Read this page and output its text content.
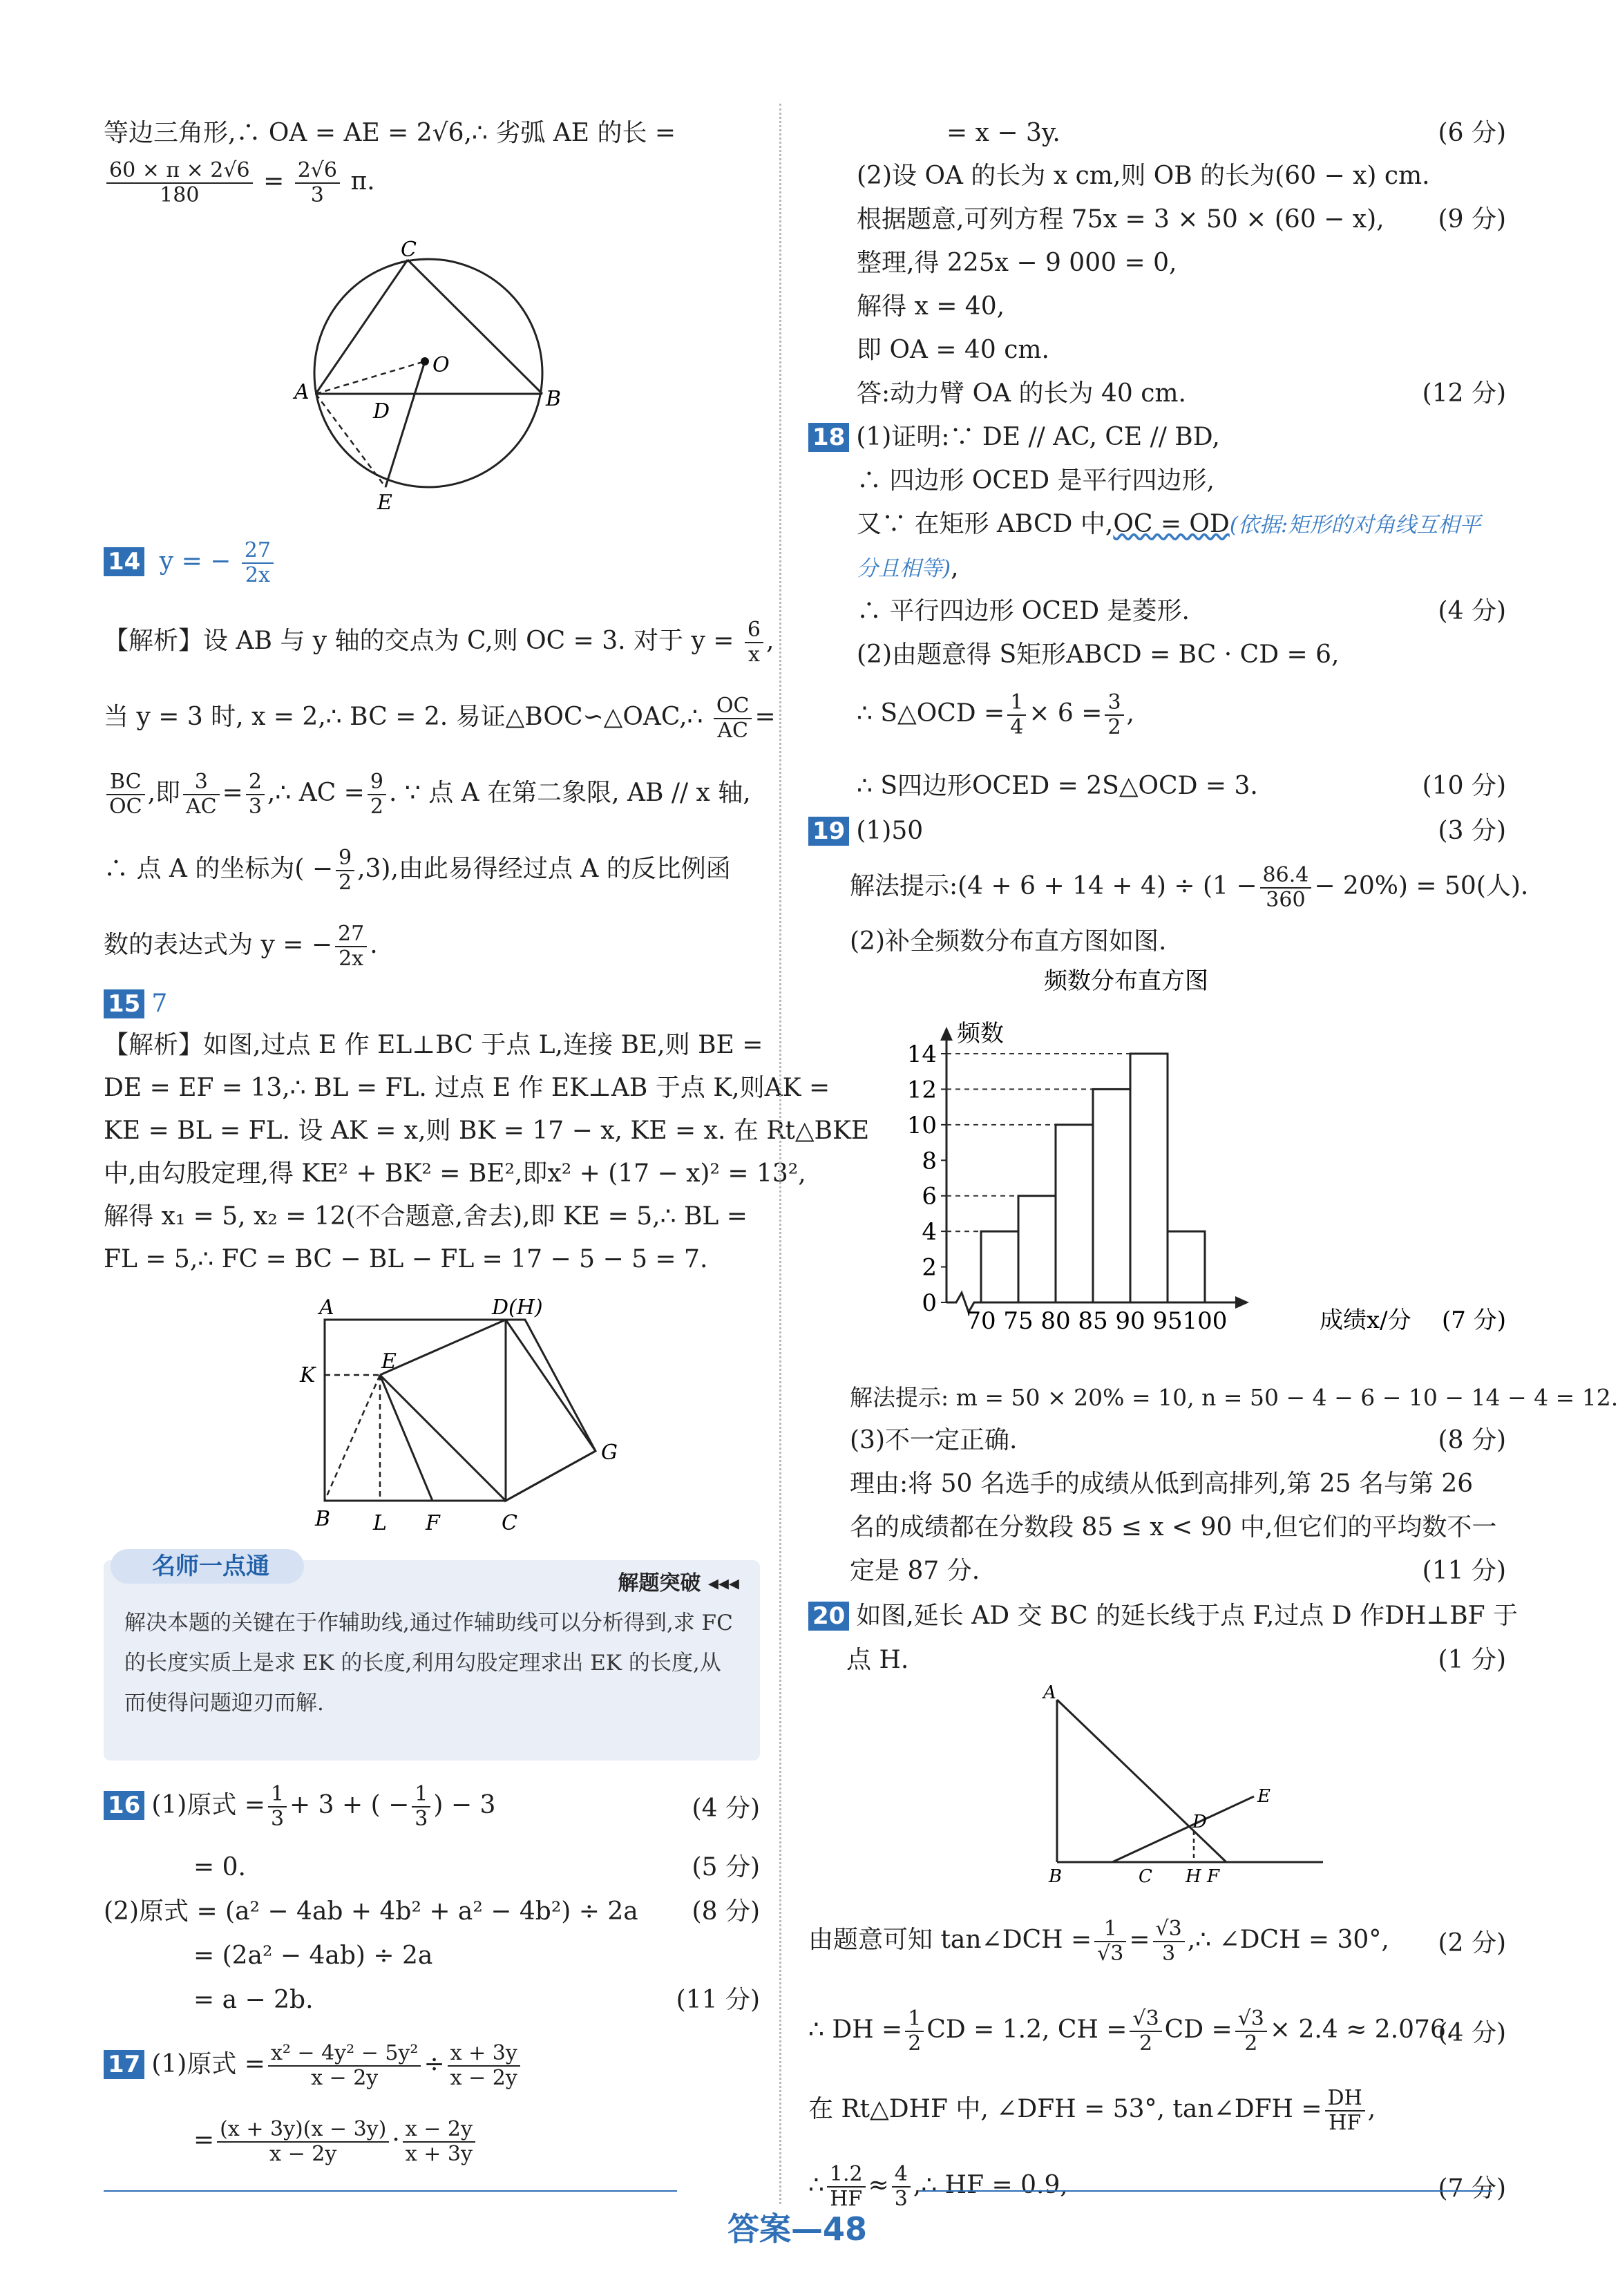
等边三角形,∴ OA = AE = 2√6,∴ 劣弧 AE 的长 =
$\frac{60 \times \pi \times 2√6}{180} = \frac{2√6}{3} \pi$.
C
A	B
O
D
E
14 y = − $\frac{27}{2x}$
【解析】设 AB 与 y 轴的交点为 C,则 OC = 3. 对于 $y = \frac{6}{x}$ ,
当 y = 3 时, x = 2,∴ BC = 2. 易证△BOC∽△OAC,∴ $\frac{OC}{AC}$ =
$\frac{BC}{OC}$ ,即 $\frac{3}{AC} = \frac{2}{3}$ ,∴ AC = $\frac{9}{2}$ . ∵ 点 A 在第二象限, AB // x 轴,
∴ 点 A 的坐标为( − $\frac{9}{2} ,3$),由此易得经过点 A 的反比例函
数的表达式为 y = − $\frac{27}{2x}$ .
15 7
【解析】如图,过点 E 作 EL⊥BC 于点 L,连接 BE,则 BE =
DE = EF = 13,∴ BL = FL. 过点 E 作 EK⊥AB 于点 K,则AK =
KE = BL = FL. 设 AK = x,则 BK = 17 − x, KE = x. 在 Rt△BKE
中,由勾股定理,得 KE² + BK² = BE²,即x² + (17 − x)² = 13²,
解得 x₁ = 5, x₂ = 12(不合题意,舍去),即 KE = 5,∴ BL =
FL = 5,∴ FC = BC − BL − FL = 17 − 5 − 5 = 7.
A	D(H)
K
E
G
B L F	C
名师一点通
解题突破 ◂◂◂
解决本题的关键在于作辅助线,通过作辅助线可以分析得到,求 FC 的长度实质上是求 EK 的长度,利用勾股定理求出 EK 的长度,从而使得问题迎刃而解.
16 (1)原式 = $\frac{1}{3} + 3$ + ( − $\frac{1}{3}$ ) − 3	(4 分)
= 0.	(5 分)
(2)原式 = (a² − 4ab + 4b² + a² − 4b²) ÷ 2a (8 分)
= (2a² − 4ab) ÷ 2a
= a − 2b.	(11 分)
17 (1)原式 = $\frac{\text{x² − 4y² − 5y²}}{x - 2y} \div \frac{x + 3y}{x - 2y}$
= $\frac{(x + 3y)(x - 3y)}{x - 2y} \cdot \frac{x - 2y}{x + 3y}$
= x − 3y.	(6 分)
(2)设 OA 的长为 x cm,则 OB 的长为(60 − x) cm.
根据题意,可列方程 75x = 3 × 50 × (60 − x), (9 分)
整理,得 225x − 9 000 = 0,
解得 x = 40,
即 OA = 40 cm.
答:动力臂 OA 的长为 40 cm.	(12 分)
18 (1)证明:∵ DE // AC, CE // BD,
∴ 四边形 OCED 是平行四边形,
又∵ 在矩形 ABCD 中,OC = OD(依据:矩形的对角线互相平
分且相等),
∴ 平行四边形 OCED 是菱形.	(4 分)
(2)由题意得 S矩形ABCD = BC · CD = 6,
∴ S△OCD = $\frac{1}{4} \times 6 = \frac{3}{2}$ ,
∴ S四边形OCED = 2S△OCD = 3.	(10 分)
19 (1)50	(3 分)
解法提示:(4 + $6 + 14 + 4) \div (1 - \frac{86.4}{360} - 20\%) = 50$(人).
(2)补全频数分布直方图如图.
频数分布直方图
0
2
4
6
8
10
12
14
70 75 80 85 90 95 100
频数
成绩x/分 (7 分)
解法提示: m = 50 × 20% = 10, n = 50 − 4 − 6 − 10 − 14 − 4 = 12.
(3)不一定正确.	(8 分)
理由:将 50 名选手的成绩从低到高排列,第 25 名与第 26
名的成绩都在分数段 85 ≤ x < 90 中,但它们的平均数不一
定是 87 分.	(11 分)
20 如图,延长 AD 交 BC 的延长线于点 F,过点 D 作DH⊥BF 于
点 H.	(1 分)
A
B	C
D
E
H F
由题意可知 tan∠DCH = $\frac{1}{√3} = \frac{√3}{3}$ ,∴ ∠DCH = 30°, (2 分)
∴ DH = $\frac{1}{2}$ CD = 1.2, CH = $\frac{√3}{2}$ CD = $\frac{√3}{2} \times 2.4 \approx 2.076$.
(4 分)
在 Rt△DHF 中, ∠DFH = 53°, tan∠DFH = $\frac{DH}{HF}$ ,
∴ $\frac{1.2}{HF} \approx \frac{4}{3}$ ,∴ HF = 0.9,	(7 分)
答案—48
